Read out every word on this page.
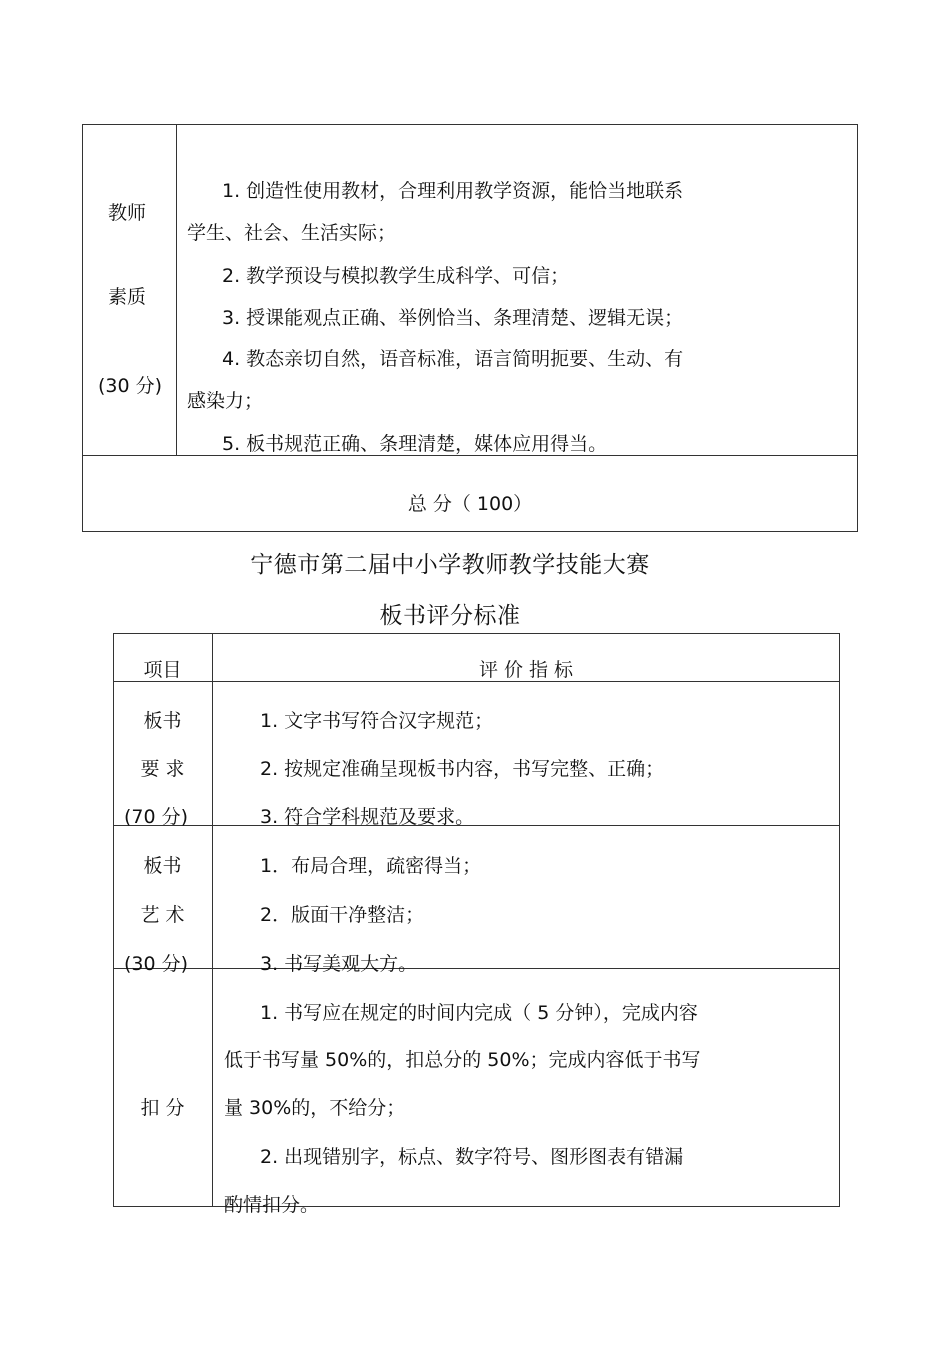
教师
素质
(30 分)
1. 创造性使用教材，合理利用教学资源，能恰当地联系
学生、社会、生活实际；
2. 教学预设与模拟教学生成科学、可信；
3. 授课能观点正确、举例恰当、条理清楚、逻辑无误；
4. 教态亲切自然，语音标准，语言简明扼要、生动、有
感染力；
5. 板书规范正确、条理清楚，媒体应用得当。
总 分（ 100）
宁德市第二届中小学教师教学技能大赛
板书评分标准
项目	评 价 指 标
板书
要 求
(70 分)
1. 文字书写符合汉字规范；
2. 按规定准确呈现板书内容，书写完整、正确；
3. 符合学科规范及要求。
板书
艺 术
(30 分)
1．布局合理，疏密得当；
2．版面干净整洁；
3. 书写美观大方。
扣 分
1. 书写应在规定的时间内完成（ 5 分钟），完成内容
低于书写量 50%的，扣总分的 50%；完成内容低于书写
量 30%的，不给分；
2. 出现错别字，标点、数字符号、图形图表有错漏
酌情扣分。
